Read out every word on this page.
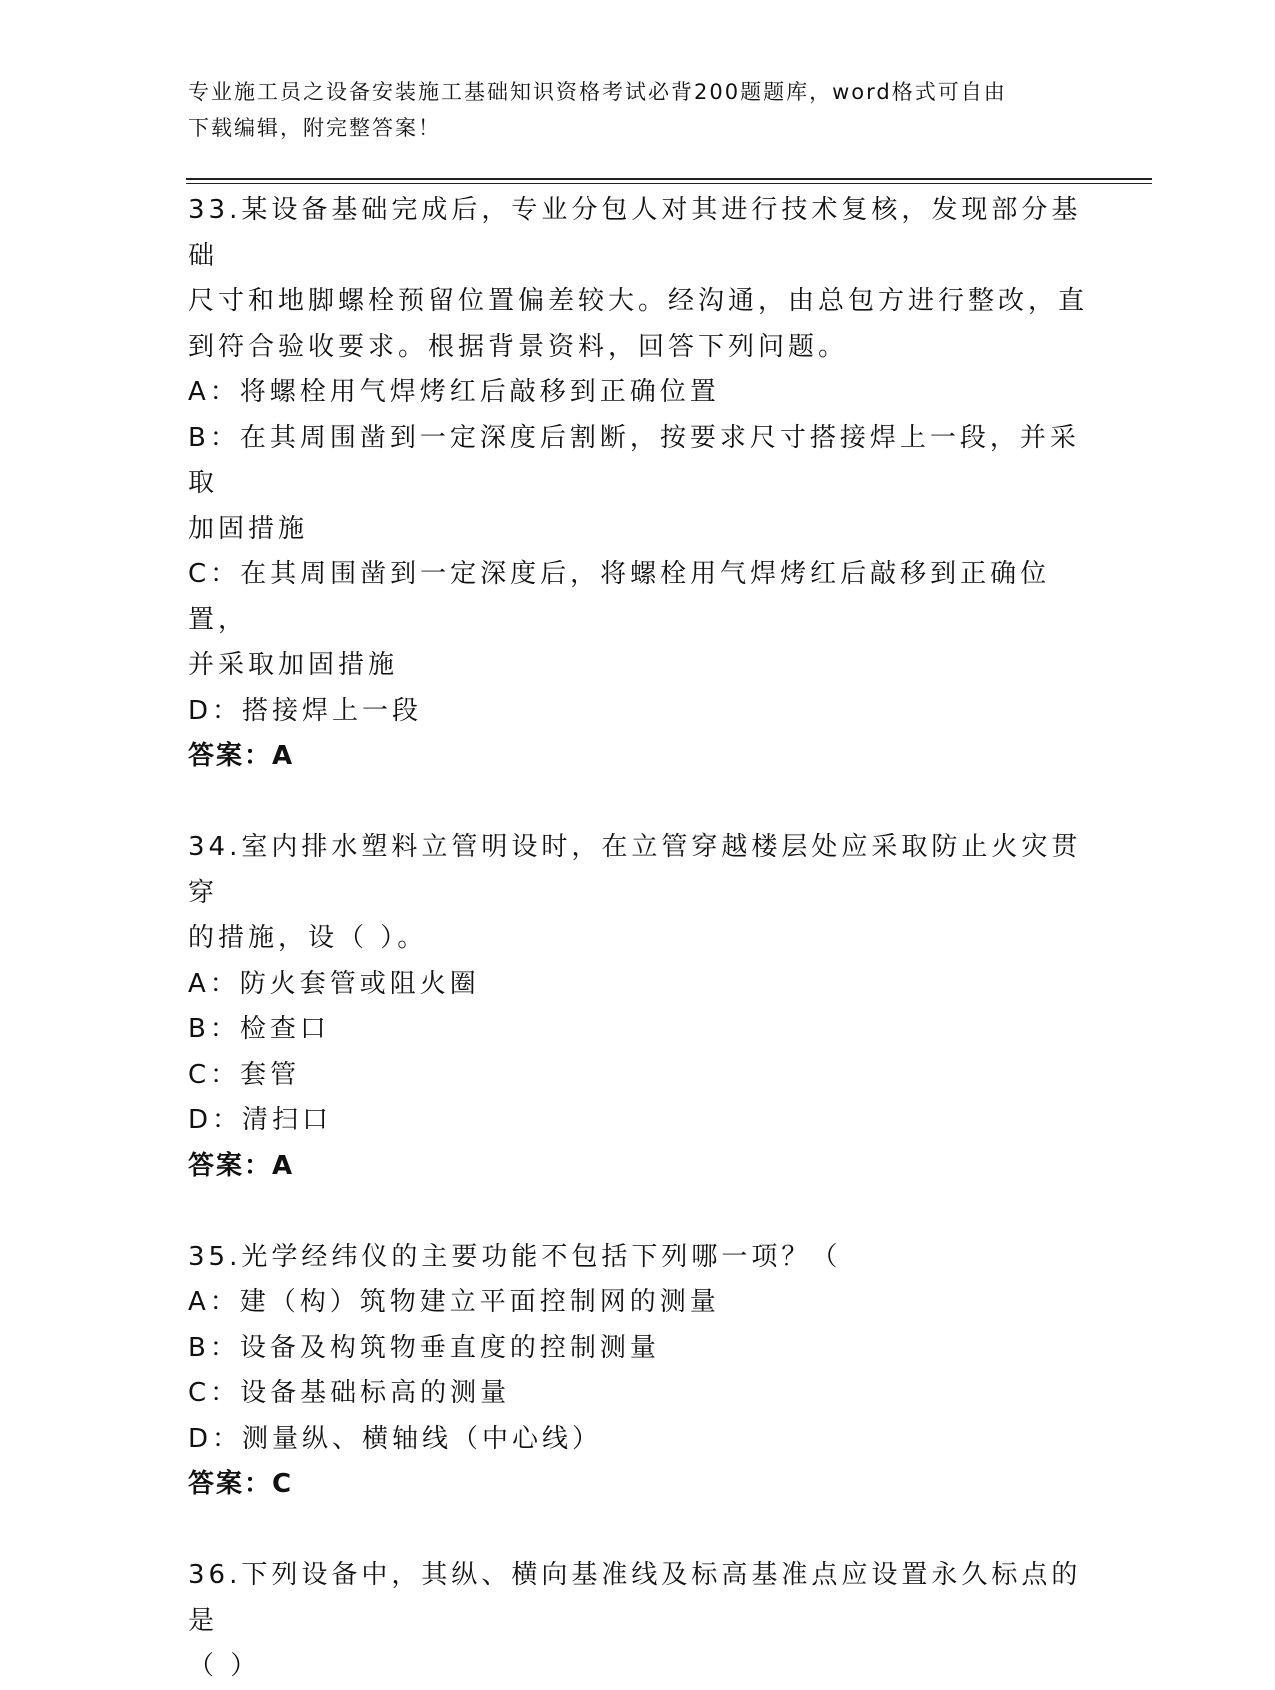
专业施工员之设备安装施工基础知识资格考试必背200题题库，word格式可自由
下载编辑，附完整答案！

33.某设备基础完成后，专业分包人对其进行技术复核，发现部分基础

尺寸和地脚螺栓预留位置偏差较大。经沟通，由总包方进行整改，直

到符合验收要求。根据背景资料，回答下列问题。

A：将螺栓用气焊烤红后敲移到正确位置

B：在其周围凿到一定深度后割断，按要求尺寸搭接焊上一段，并采取

加固措施

C：在其周围凿到一定深度后，将螺栓用气焊烤红后敲移到正确位置，

并采取加固措施

D：搭接焊上一段

答案：A

34.室内排水塑料立管明设时，在立管穿越楼层处应采取防止火灾贯穿

的措施，设（ ）。

A：防火套管或阻火圈

B：检查口

C：套管

D：清扫口

答案：A

35.光学经纬仪的主要功能不包括下列哪一项？（

A：建（构）筑物建立平面控制网的测量

B：设备及构筑物垂直度的控制测量

C：设备基础标高的测量

D：测量纵、横轴线（中心线）

答案：C

36.下列设备中，其纵、横向基准线及标高基准点应设置永久标点的是

（ ）
